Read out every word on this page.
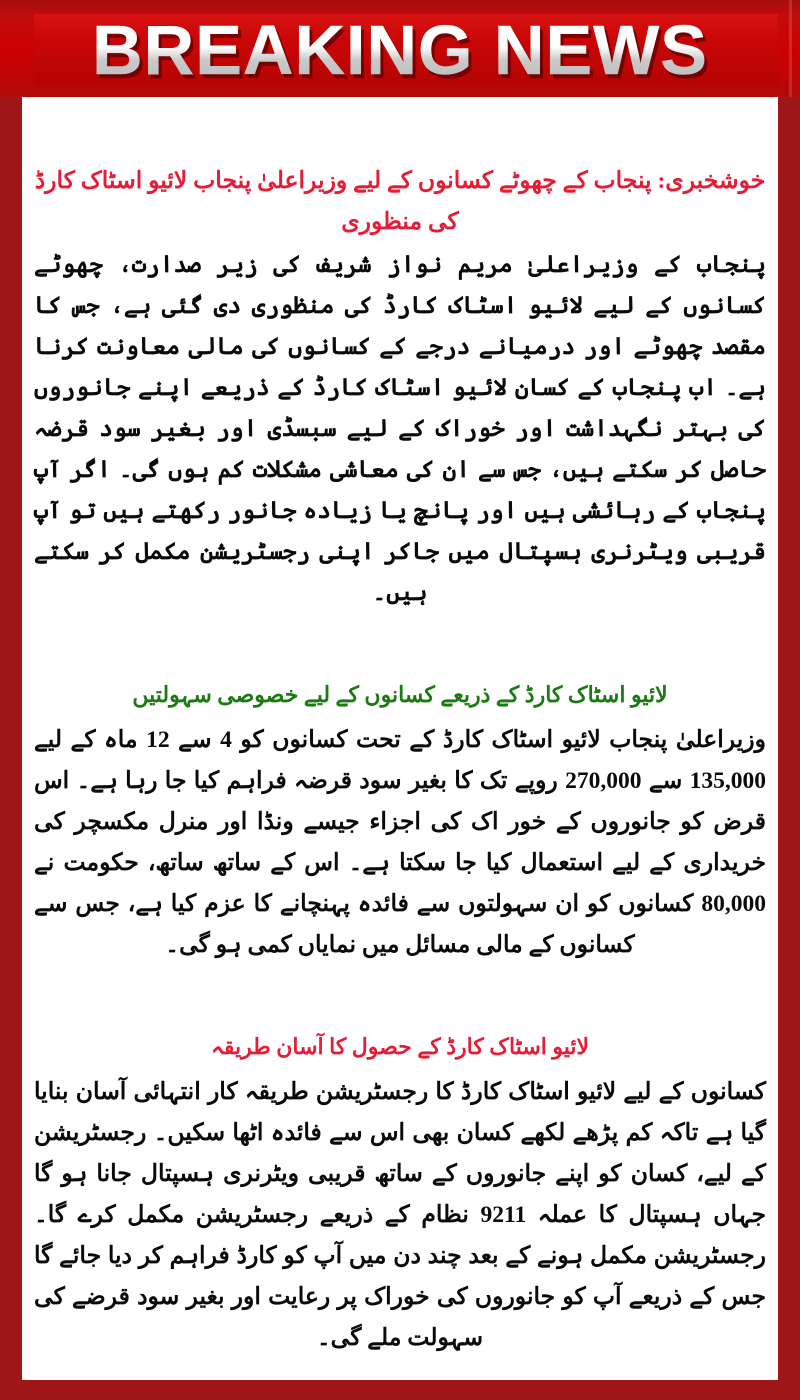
BREAKING NEWS

خوشخبری: پنجاب کے چھوٹے کسانوں کے لیے وزیراعلیٰ پنجاب لائیو اسٹاک کارڈ کی منظوری

پنجاب کے وزیراعلیٰ مریم نواز شریف کی زیر صدارت، چھوٹے کسانوں کے لیے لائیو اسٹاک کارڈ کی منظوری دی گئی ہے، جس کا مقصد چھوٹے اور درمیانے درجے کے کسانوں کی مالی معاونت کرنا ہے۔ اب پنجاب کے کسان لائیو اسٹاک کارڈ کے ذریعے اپنے جانوروں کی بہتر نگہداشت اور خوراک کے لیے سبسڈی اور بغیر سود قرضہ حاصل کر سکتے ہیں، جس سے ان کی معاشی مشکلات کم ہوں گی۔ اگر آپ پنجاب کے رہائشی ہیں اور پانچ یا زیادہ جانور رکھتے ہیں تو آپ قریبی ویٹرنری ہسپتال میں جاکر اپنی رجسٹریشن مکمل کر سکتے ہیں۔

لائیو اسٹاک کارڈ کے ذریعے کسانوں کے لیے خصوصی سہولتیں

وزیراعلیٰ پنجاب لائیو اسٹاک کارڈ کے تحت کسانوں کو 4 سے 12 ماہ کے لیے 135,000 سے 270,000 روپے تک کا بغیر سود قرضہ فراہم کیا جا رہا ہے۔ اس قرض کو جانوروں کے خور اک کی اجزاء جیسے ونڈا اور منرل مکسچر کی خریداری کے لیے استعمال کیا جا سکتا ہے۔ اس کے ساتھ ساتھ، حکومت نے 80,000 کسانوں کو ان سہولتوں سے فائدہ پہنچانے کا عزم کیا ہے، جس سے کسانوں کے مالی مسائل میں نمایاں کمی ہو گی۔

لائیو اسٹاک کارڈ کے حصول کا آسان طریقہ

کسانوں کے لیے لائیو اسٹاک کارڈ کا رجسٹریشن طریقہ کار انتہائی آسان بنایا گیا ہے تاکہ کم پڑھے لکھے کسان بھی اس سے فائدہ اٹھا سکیں۔ رجسٹریشن کے لیے، کسان کو اپنے جانوروں کے ساتھ قریبی ویٹرنری ہسپتال جانا ہو گا جہاں ہسپتال کا عملہ 9211 نظام کے ذریعے رجسٹریشن مکمل کرے گا۔ رجسٹریشن مکمل ہونے کے بعد چند دن میں آپ کو کارڈ فراہم کر دیا جائے گا جس کے ذریعے آپ کو جانوروں کی خوراک پر رعایت اور بغیر سود قرضے کی سہولت ملے گی۔
